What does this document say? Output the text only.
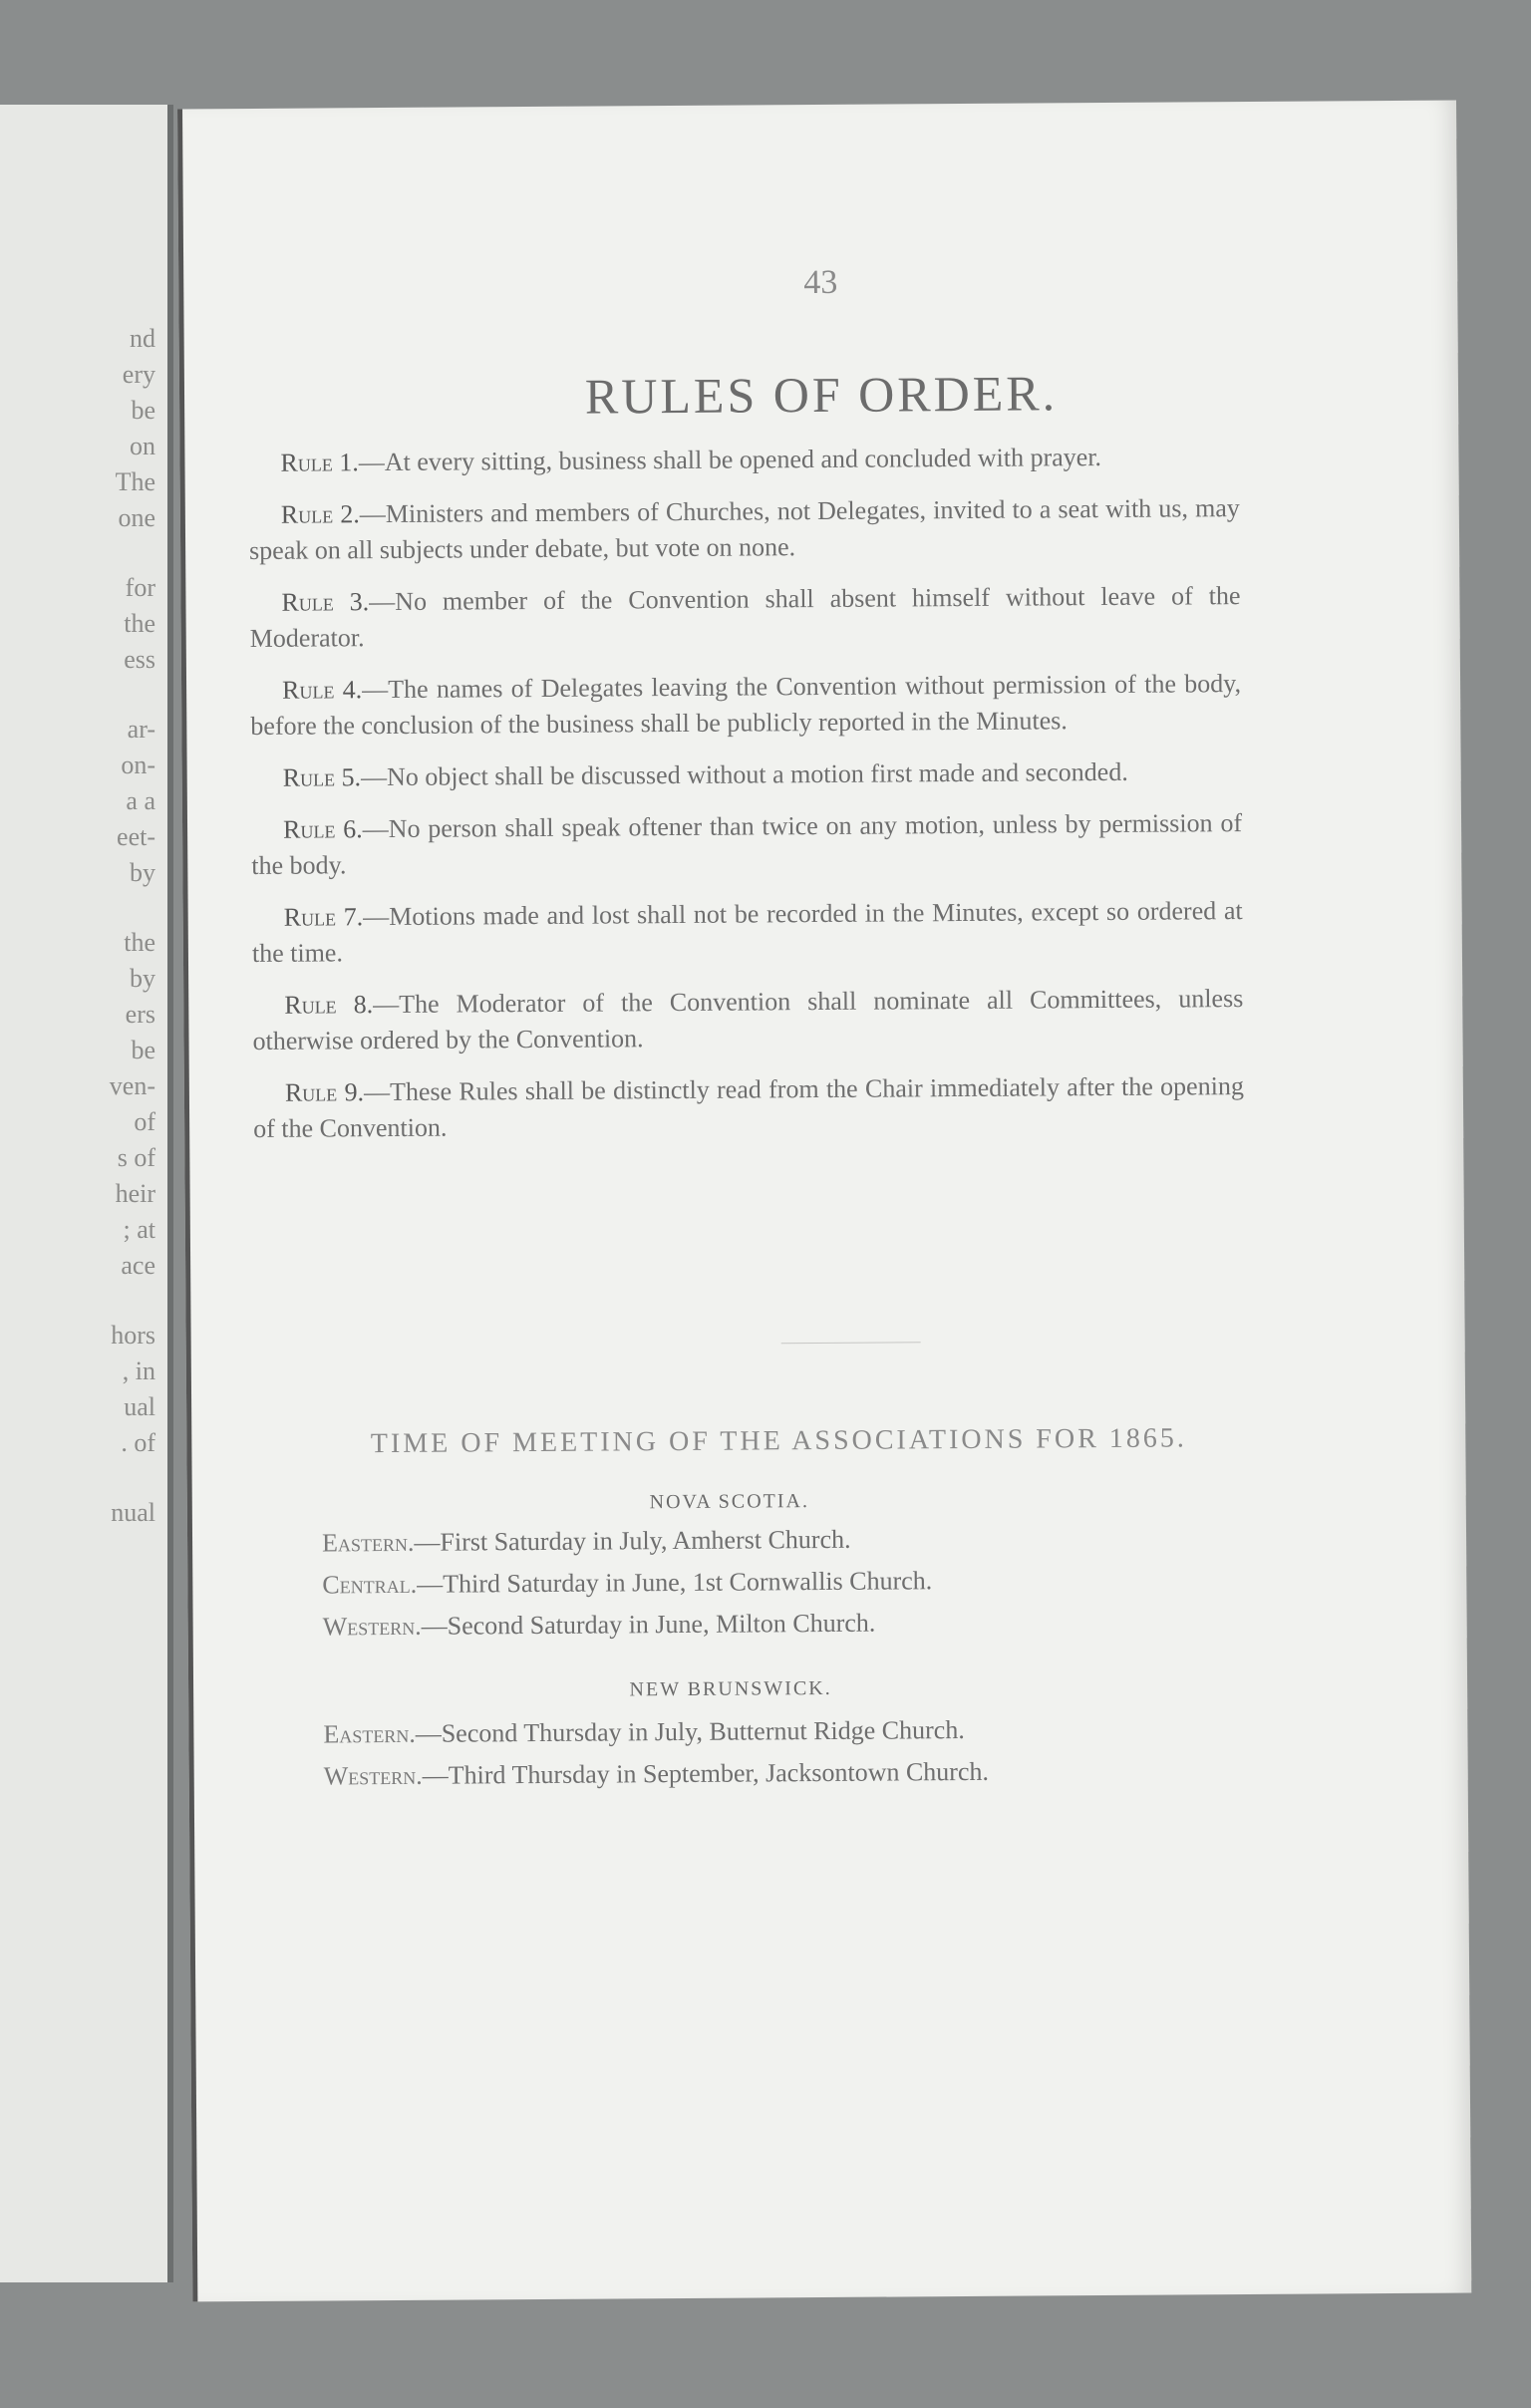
nd
ery
be
on
The
one
for
the
ess
ar-
on-
a a
eet-
by
the
by
ers
be
ven-
of
s of
heir
; at
ace
hors
, in
ual
. of
nual
43
RULES OF ORDER.

Rule 1.—At every sitting, business shall be opened and concluded with prayer.

Rule 2.—Ministers and members of Churches, not Delegates, invited to a seat with us, may speak on all subjects under debate, but vote on none.

Rule 3.—No member of the Convention shall absent himself without leave of the Moderator.

Rule 4.—The names of Delegates leaving the Convention without permission of the body, before the conclusion of the business shall be publicly reported in the Minutes.

Rule 5.—No object shall be discussed without a motion first made and seconded.

Rule 6.—No person shall speak oftener than twice on any motion, unless by permission of the body.

Rule 7.—Motions made and lost shall not be recorded in the Minutes, except so ordered at the time.

Rule 8.—The Moderator of the Convention shall nominate all Committees, unless otherwise ordered by the Convention.

Rule 9.—These Rules shall be distinctly read from the Chair immediately after the opening of the Convention.

TIME OF MEETING OF THE ASSOCIATIONS FOR 1865.
NOVA SCOTIA.
Eastern.—First Saturday in July, Amherst Church.
Central.—Third Saturday in June, 1st Cornwallis Church.
Western.—Second Saturday in June, Milton Church.
NEW BRUNSWICK.
Eastern.—Second Thursday in July, Butternut Ridge Church.
Western.—Third Thursday in September, Jacksontown Church.
